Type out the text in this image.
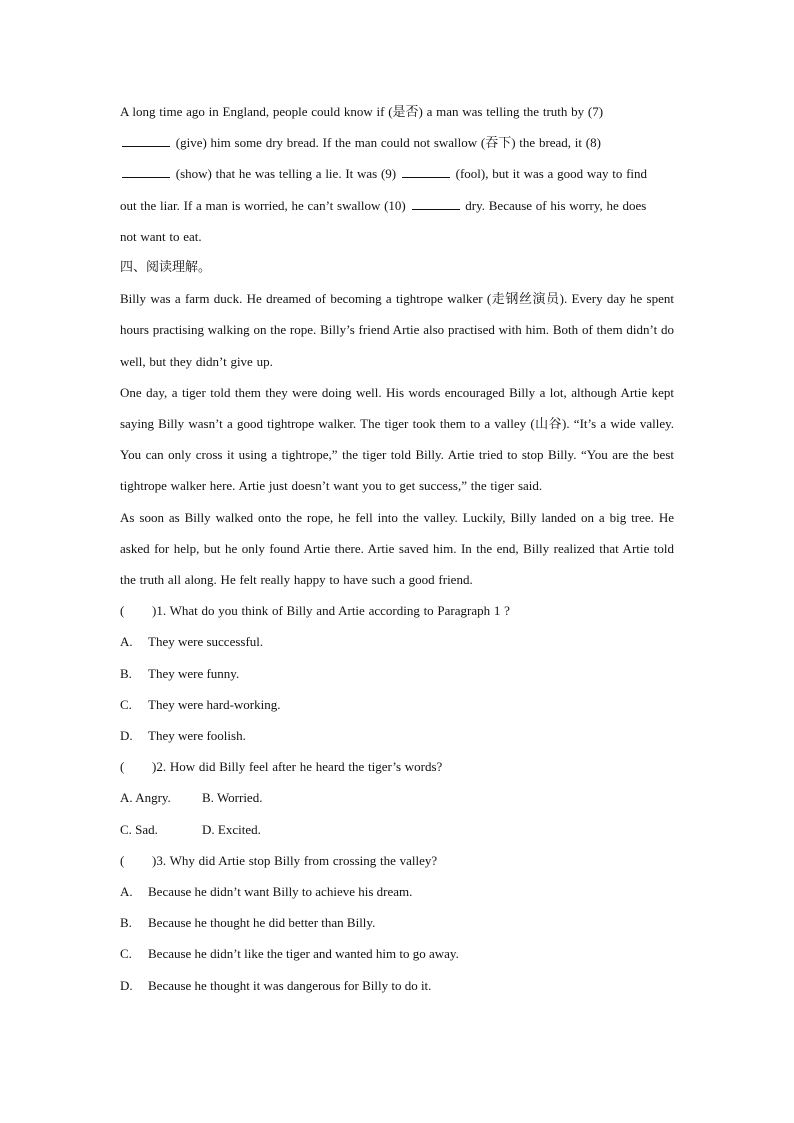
A long time ago in England, people could know if (是否) a man was telling the truth by (7)

(give) him some dry bread. If the man could not swallow (吞下) the bread, it (8)

(show) that he was telling a lie. It was (9)	(fool), but it was a good way to find

out the liar. If a man is worried, he can’t swallow (10)	dry. Because of his worry, he does

not want to eat.

四、阅读理解。

Billy was a farm duck. He dreamed of becoming a tightrope walker (走钢丝演员). Every day he spent hours practising walking on the rope. Billy’s friend Artie also practised with him. Both of them didn’t do well, but they didn’t give up.

One day, a tiger told them they were doing well. His words encouraged Billy a lot, although Artie kept saying Billy wasn’t a good tightrope walker. The tiger took them to a valley (山谷). “It’s a wide valley. You can only cross it using a tightrope,” the tiger told Billy. Artie tried to stop Billy. “You are the best tightrope walker here. Artie just doesn’t want you to get success,” the tiger said.

As soon as Billy walked onto the rope, he fell into the valley. Luckily, Billy landed on a big tree. He asked for help, but he only found Artie there. Artie saved him. In the end, Billy realized that Artie told the truth all along. He felt really happy to have such a good friend.

( )1. What do you think of Billy and Artie according to Paragraph 1 ?

A. They were successful.
B. They were funny.
C. They were hard-working.
D. They were foolish.

( )2. How did Billy feel after he heard the tiger’s words?

A. Angry. B. Worried.
C. Sad.	D. Excited.

( )3. Why did Artie stop Billy from crossing the valley?

A. Because he didn’t want Billy to achieve his dream.
B. Because he thought he did better than Billy.
C. Because he didn’t like the tiger and wanted him to go away.
D. Because he thought it was dangerous for Billy to do it.
